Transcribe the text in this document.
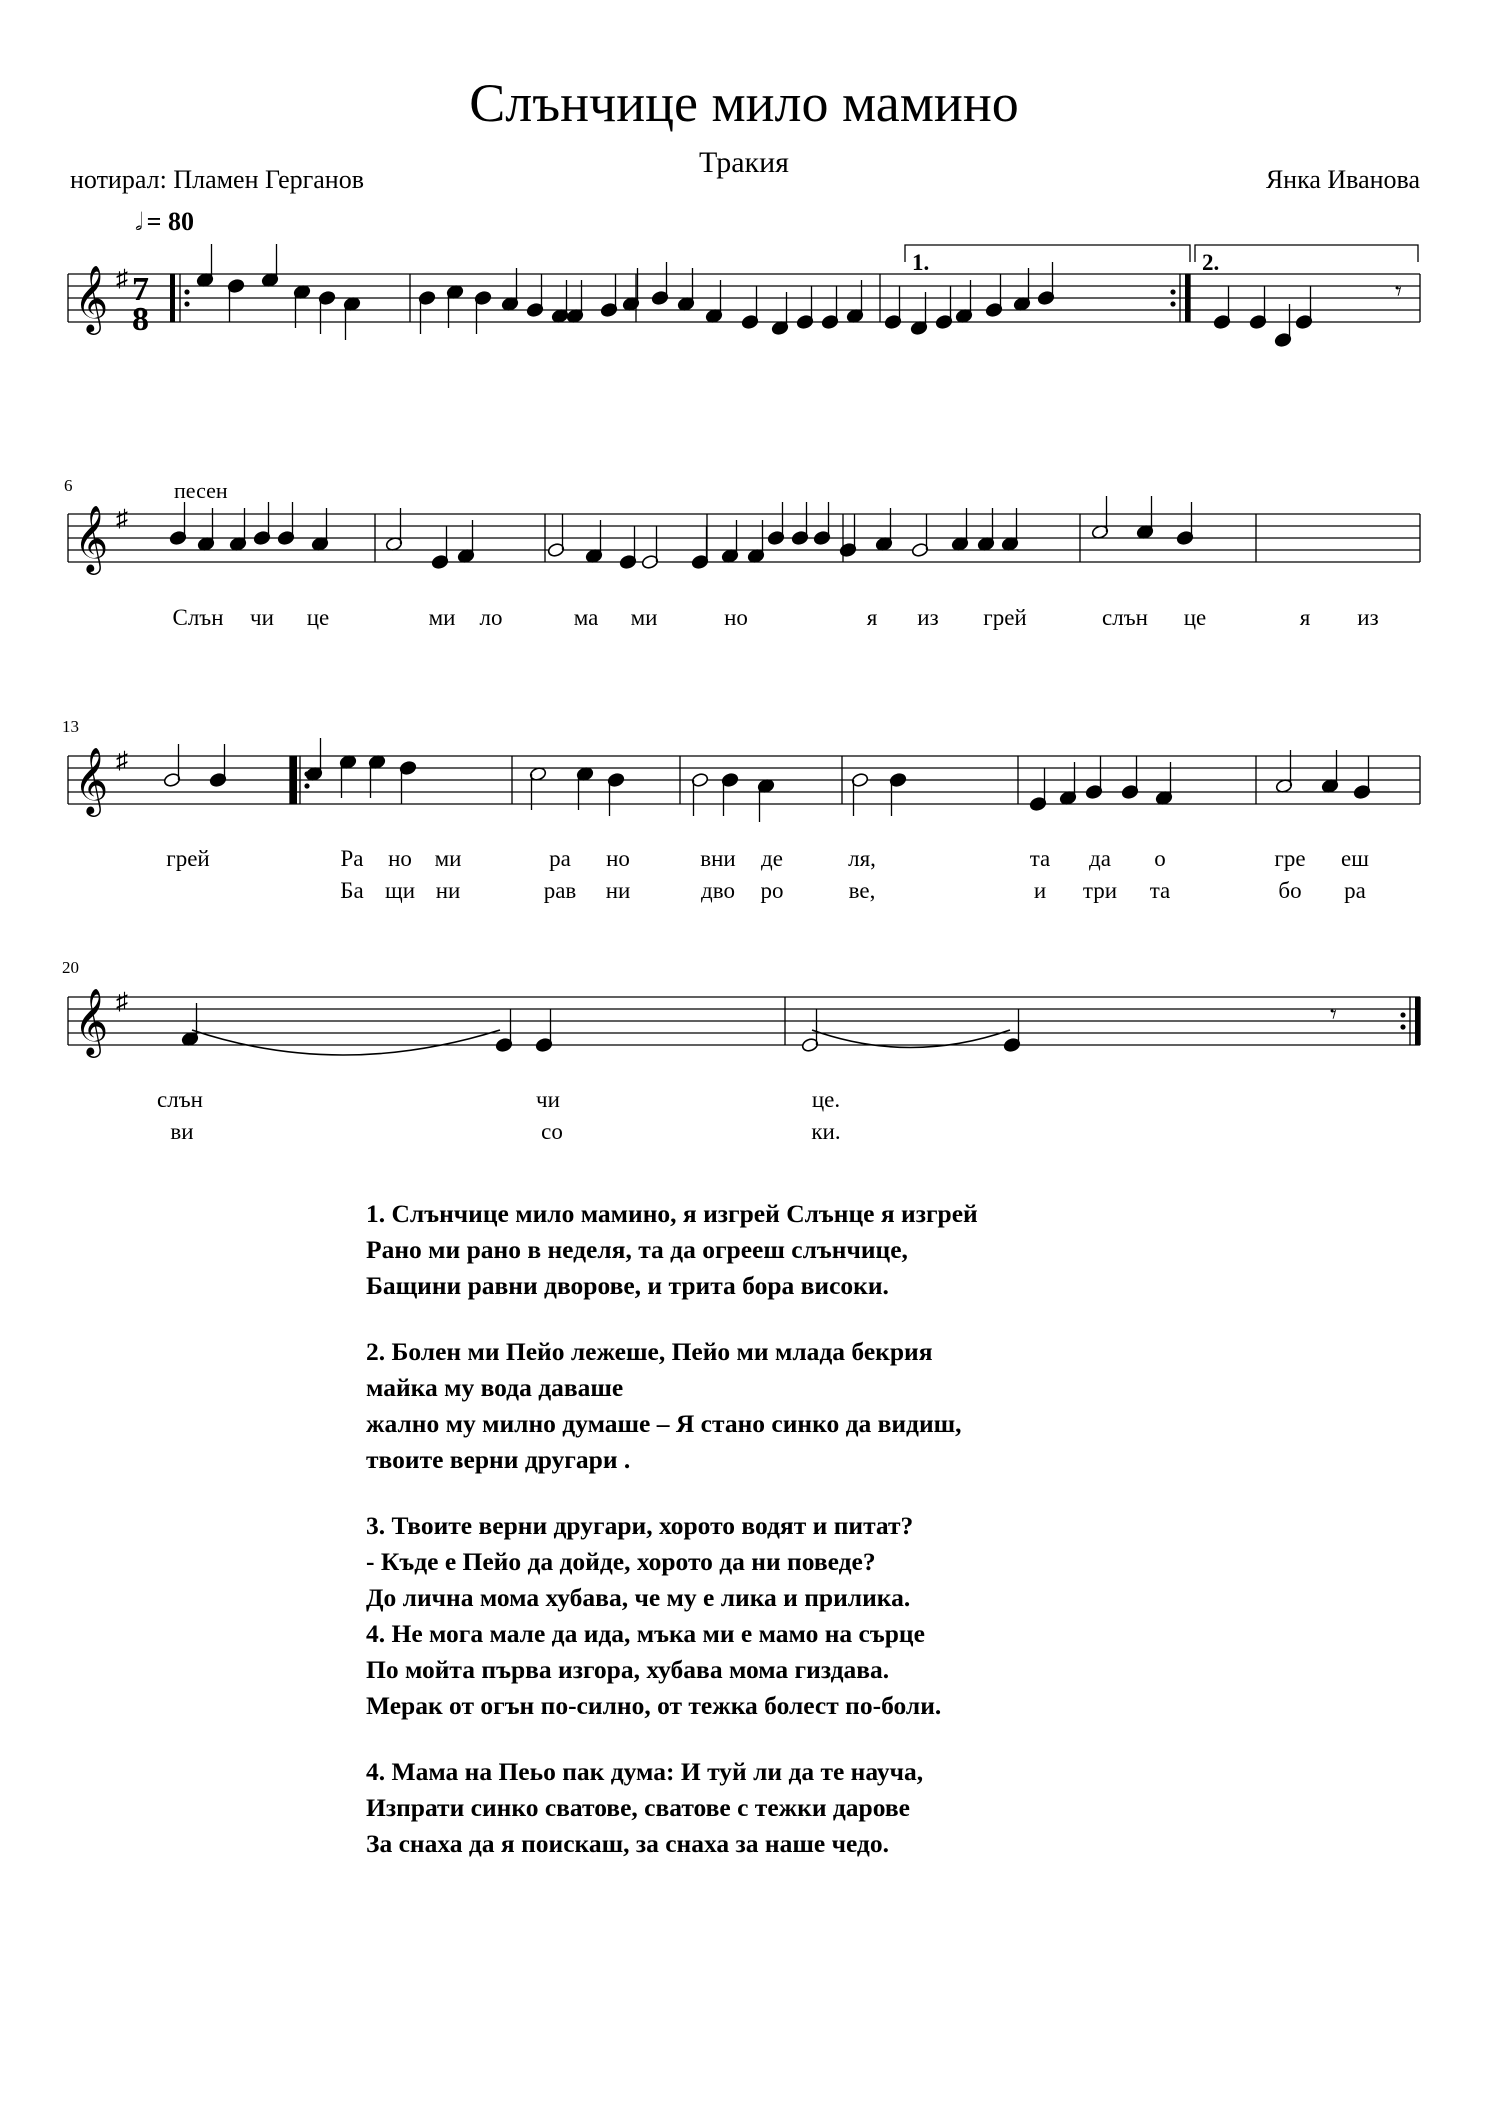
Слънчице мило мамино
Тракия
нотирал: Пламен Герганов	Янка Иванова
𝅗𝅥 = 80
𝄞 ♯
𝄞 ♯
𝄞 ♯
𝄞 ♯
𝄾
𝄾
1.	2.
7
8
6
13
20
песен
Слън чи це	ми ло	ма ми	но	я из грей	слън це	я из
грей	Ра но ми	ра но	вни де	ля,	та да о	гре еш
Ба щи ни	рав ни	дво ро	ве,	и три та	бо ра
слън	чи	це.
ви	со	ки.
1. Слънчице мило мамино, я изгрей Слънце я изгрей
Рано ми рано в неделя, та да огрееш слънчице,
Бащини равни дворове, и трита бора високи.
2. Болен ми Пейо лежеше, Пейо ми млада бекрия
майка му вода даваше
жално му милно думаше – Я стано синко да видиш,
твоите верни другари .
3. Твоите верни другари, хорото водят и питат?
- Къде е Пейо да дойде, хорото да ни поведе?
До лична мома хубава, че му е лика и прилика.
4. Не мога мале да ида, мъка ми е мамо на сърце
По мойта първа изгора, хубава мома гиздава.
Мерак от огън по-силно, от тежка болест по-боли.
4. Мама на Пеьо пак дума: И туй ли да те науча,
Изпрати синко сватове, сватове с тежки дарове
За снаха да я поискаш, за снаха за наше чедо.
